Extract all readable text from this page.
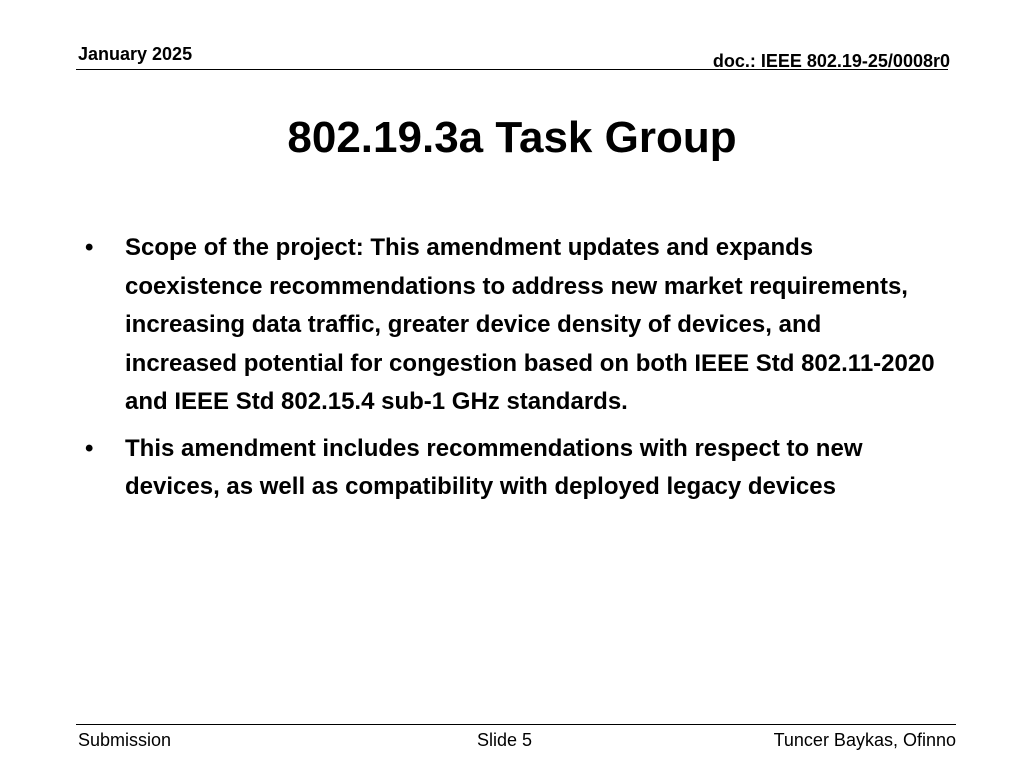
January 2025	doc.: IEEE 802.19-25/0008r0
802.19.3a Task Group
•	Scope of the project: This amendment updates and expands coexistence recommendations to address new market requirements, increasing data traffic, greater device density of devices, and increased potential for congestion based on both IEEE Std 802.11-2020 and IEEE Std 802.15.4 sub-1 GHz standards.
•	This amendment includes recommendations with respect to new devices, as well as compatibility with deployed legacy devices
Submission	Slide 5	Tuncer Baykas, Ofinno
